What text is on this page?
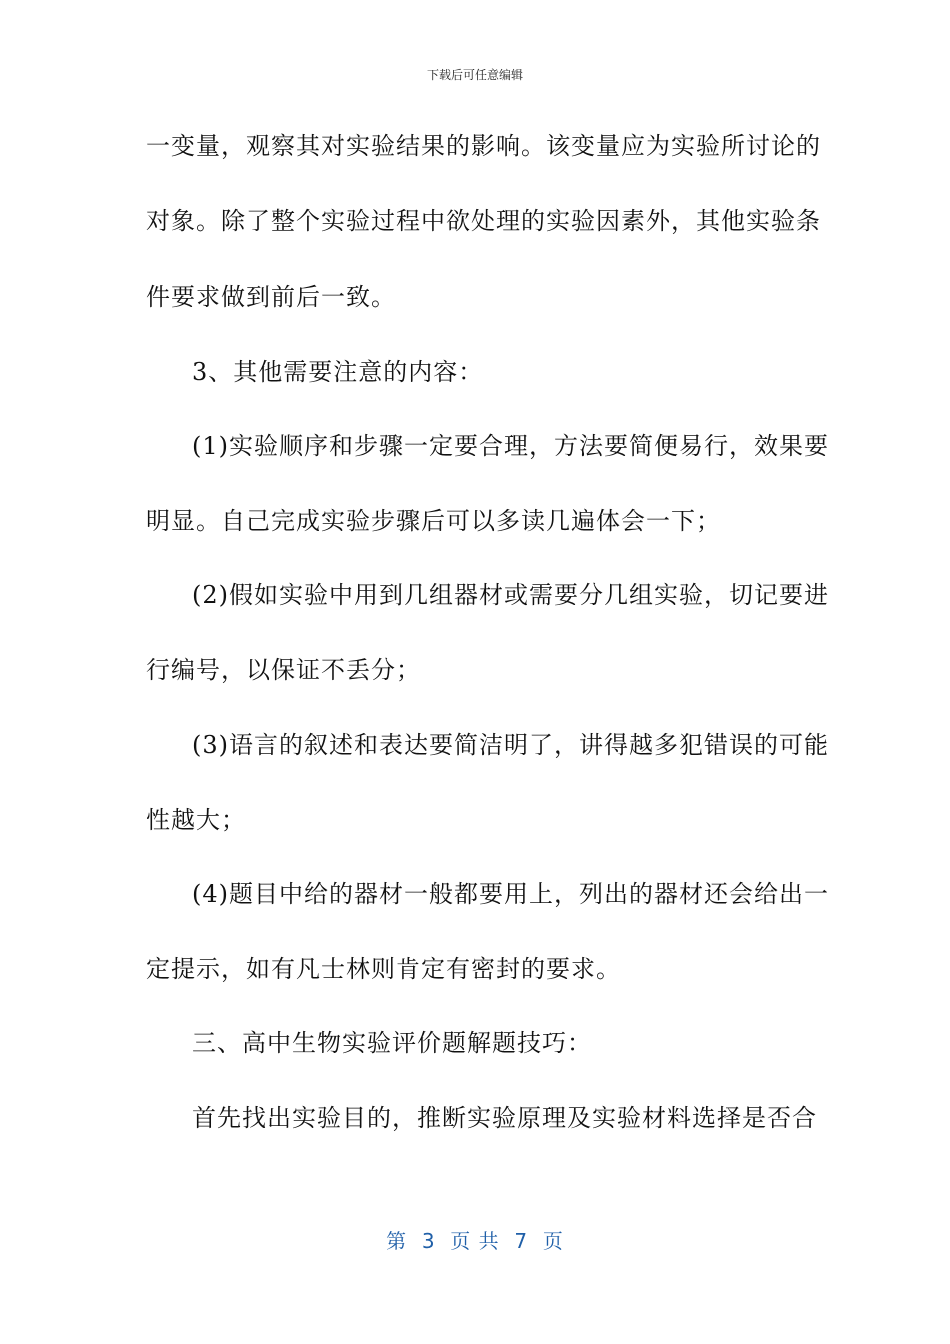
下载后可任意编辑
一变量，观察其对实验结果的影响。该变量应为实验所讨论的
对象。除了整个实验过程中欲处理的实验因素外，其他实验条
件要求做到前后一致。
3、其他需要注意的内容：
(1)实验顺序和步骤一定要合理，方法要简便易行，效果要
明显。自己完成实验步骤后可以多读几遍体会一下；
(2)假如实验中用到几组器材或需要分几组实验，切记要进
行编号，以保证不丢分；
(3)语言的叙述和表达要简洁明了，讲得越多犯错误的可能
性越大；
(4)题目中给的器材一般都要用上，列出的器材还会给出一
定提示，如有凡士林则肯定有密封的要求。
三、高中生物实验评价题解题技巧：
首先找出实验目的，推断实验原理及实验材料选择是否合
第  3  页 共  7  页
